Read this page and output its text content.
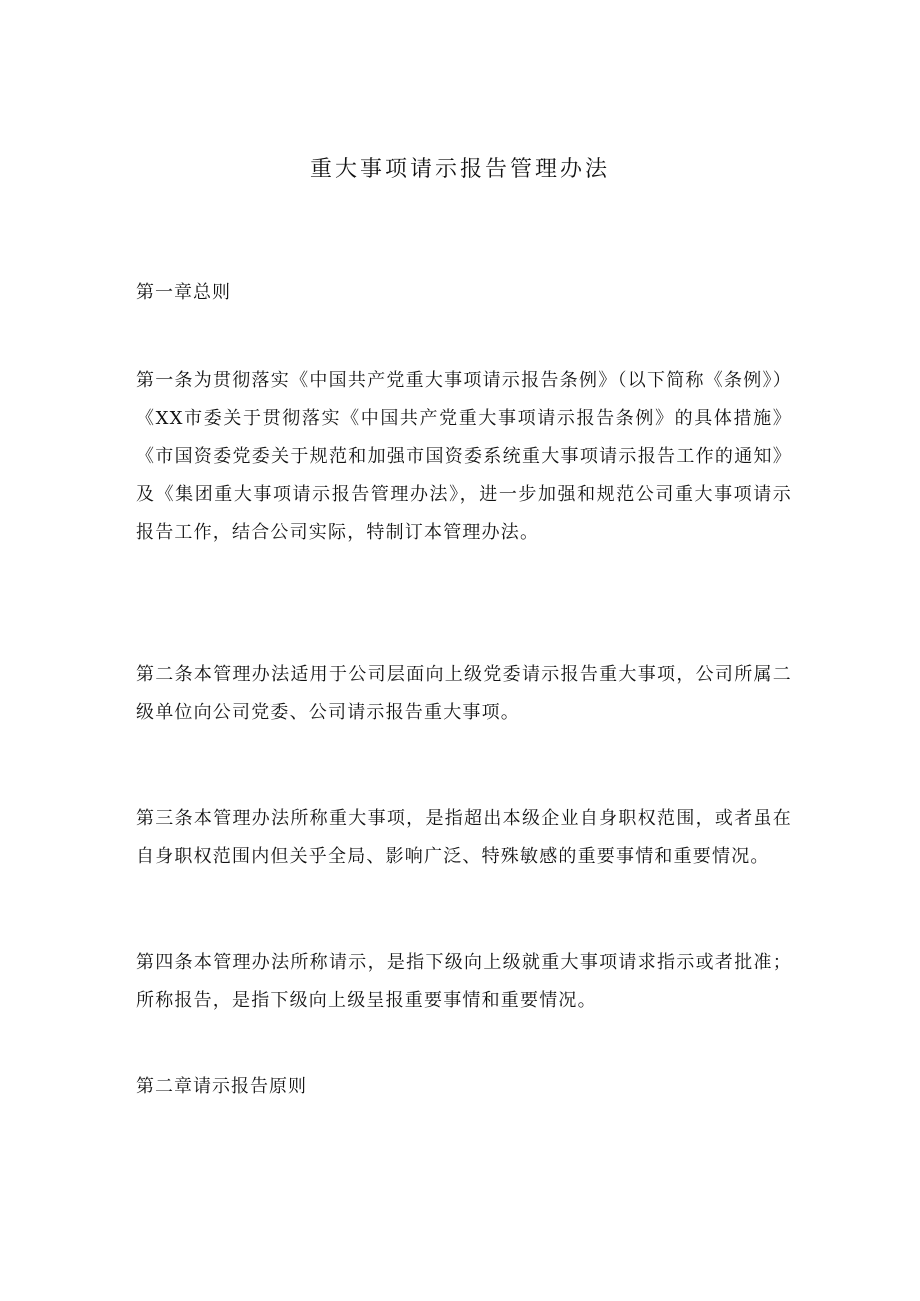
重大事项请示报告管理办法
第一章总则
第一条为贯彻落实《中国共产党重大事项请示报告条例》（以下简称《条例》）《XX市委关于贯彻落实《中国共产党重大事项请示报告条例》的具体措施》《市国资委党委关于规范和加强市国资委系统重大事项请示报告工作的通知》及《集团重大事项请示报告管理办法》，进一步加强和规范公司重大事项请示报告工作，结合公司实际，特制订本管理办法。
第二条本管理办法适用于公司层面向上级党委请示报告重大事项，公司所属二级单位向公司党委、公司请示报告重大事项。
第三条本管理办法所称重大事项，是指超出本级企业自身职权范围，或者虽在自身职权范围内但关乎全局、影响广泛、特殊敏感的重要事情和重要情况。
第四条本管理办法所称请示，是指下级向上级就重大事项请求指示或者批准；所称报告，是指下级向上级呈报重要事情和重要情况。
第二章请示报告原则
